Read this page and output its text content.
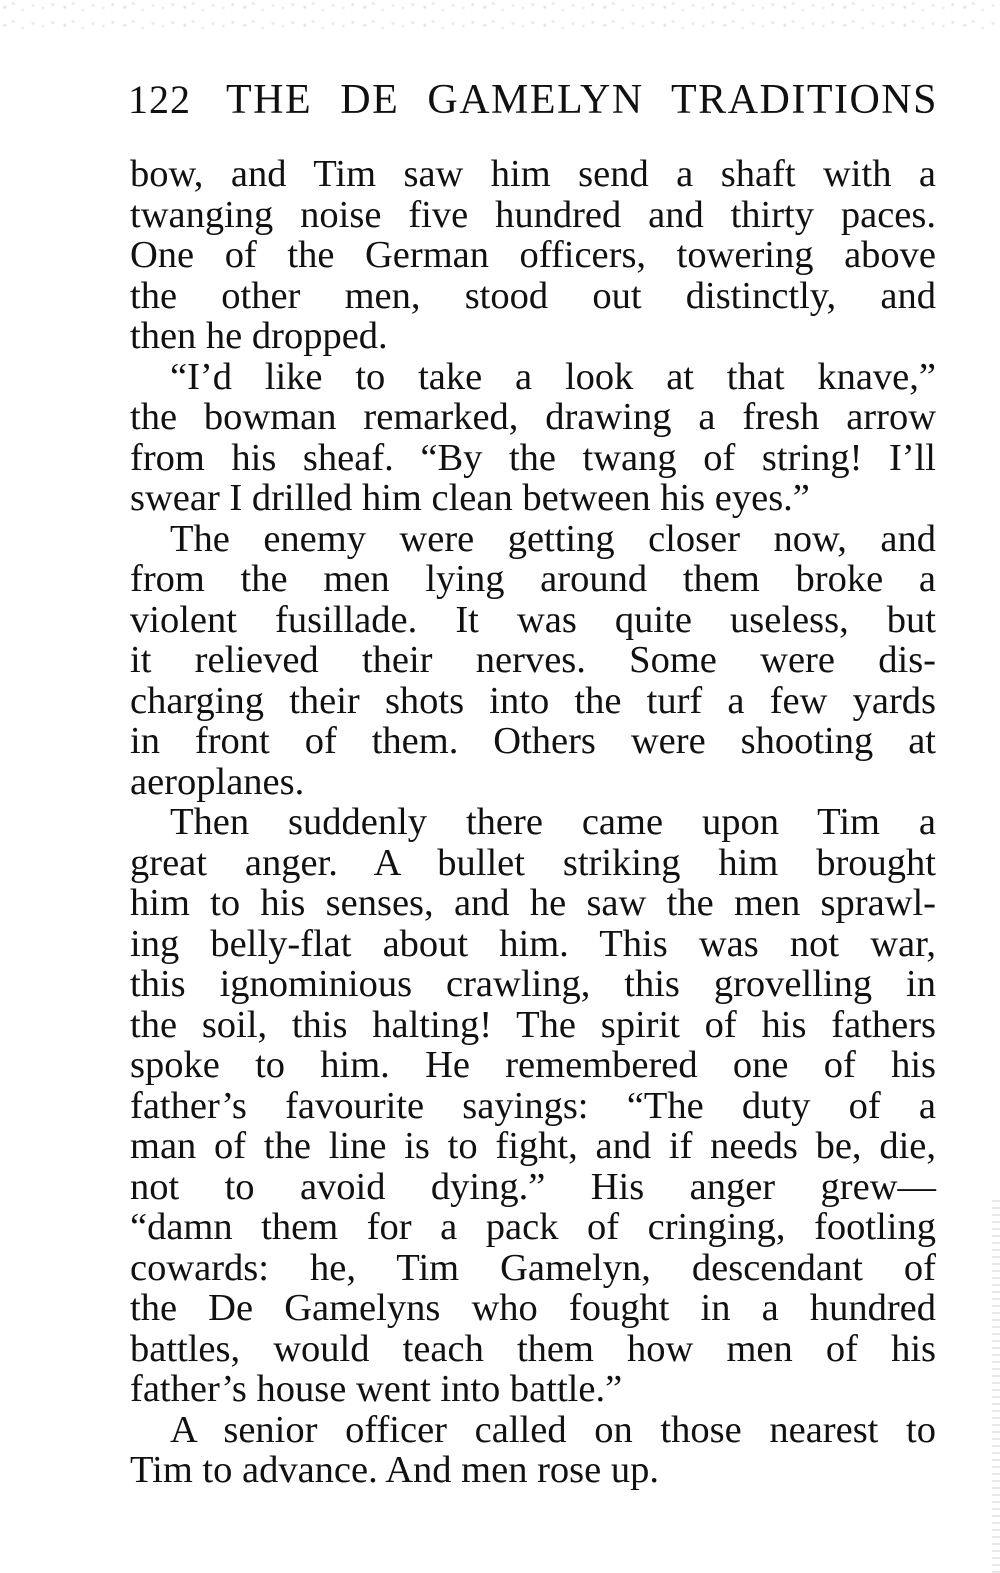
122 THE DE GAMELYN TRADITIONS
bow, and Tim saw him send a shaft with a
twanging noise five hundred and thirty paces.
One of the German officers, towering above
the other men, stood out distinctly, and
then he dropped.
“I’d like to take a look at that knave,”
the bowman remarked, drawing a fresh arrow
from his sheaf. “By the twang of string! I’ll
swear I drilled him clean between his eyes.”
The enemy were getting closer now, and
from the men lying around them broke a
violent fusillade. It was quite useless, but
it relieved their nerves. Some were dis-
charging their shots into the turf a few yards
in front of them. Others were shooting at
aeroplanes.
Then suddenly there came upon Tim a
great anger. A bullet striking him brought
him to his senses, and he saw the men sprawl-
ing belly-flat about him. This was not war,
this ignominious crawling, this grovelling in
the soil, this halting! The spirit of his fathers
spoke to him. He remembered one of his
father’s favourite sayings: “The duty of a
man of the line is to fight, and if needs be, die,
not to avoid dying.” His anger grew—
“damn them for a pack of cringing, footling
cowards: he, Tim Gamelyn, descendant of
the De Gamelyns who fought in a hundred
battles, would teach them how men of his
father’s house went into battle.”
A senior officer called on those nearest to
Tim to advance. And men rose up.
